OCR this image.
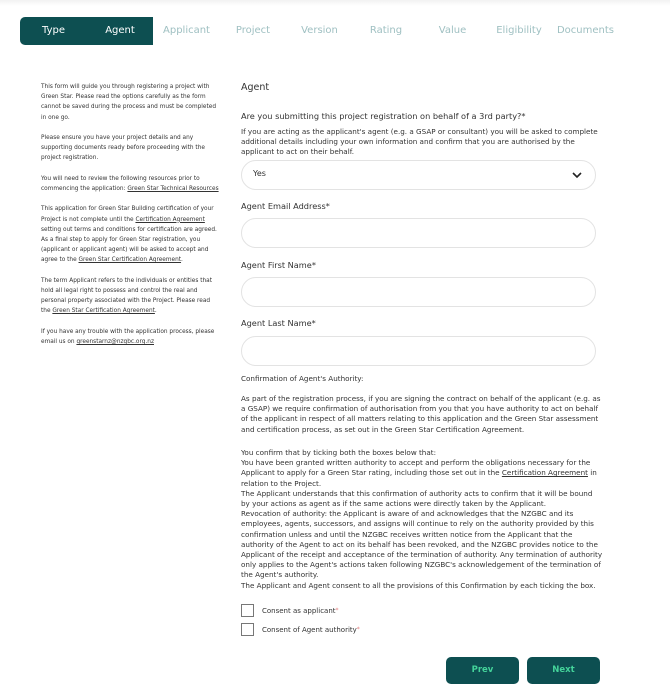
Type	Agent	Applicant	Project	Version	Rating	Value	Eligibility	Documents

This form will guide you through registering a project with Green Star. Please read the options carefully as the form cannot be saved during the process and must be completed in one go.

Please ensure you have your project details and any supporting documents ready before proceeding with the project registration.

You will need to review the following resources prior to commencing the application: Green Star Technical Resources

This application for Green Star Building certification of your Project is not complete until the Certification Agreement setting out terms and conditions for certification are agreed. As a final step to apply for Green Star registration, you (applicant or applicant agent) will be asked to accept and agree to the Green Star Certification Agreement.

The term Applicant refers to the individuals or entities that hold all legal right to possess and control the real and personal property associated with the Project. Please read the Green Star Certification Agreement.

If you have any trouble with the application process, please email us on greenstarnz@nzgbc.org.nz

Agent
Are you submitting this project registration on behalf of a 3rd party?*
If you are acting as the applicant's agent (e.g. a GSAP or consultant) you will be asked to complete additional details including your own information and confirm that you are authorised by the applicant to act on their behalf.
Yes
Agent Email Address*
Agent First Name*
Agent Last Name*
Confirmation of Agent's Authority:
As part of the registration process, if you are signing the contract on behalf of the applicant (e.g. as a GSAP) we require confirmation of authorisation from you that you have authority to act on behalf of the applicant in respect of all matters relating to this application and the Green Star assessment and certification process, as set out in the Green Star Certification Agreement.
You confirm that by ticking both the boxes below that:
You have been granted written authority to accept and perform the obligations necessary for the Applicant to apply for a Green Star rating, including those set out in the Certification Agreement in relation to the Project.
The Applicant understands that this confirmation of authority acts to confirm that it will be bound by your actions as agent as if the same actions were directly taken by the Applicant.
Revocation of authority: the Applicant is aware of and acknowledges that the NZGBC and its employees, agents, successors, and assigns will continue to rely on the authority provided by this confirmation unless and until the NZGBC receives written notice from the Applicant that the authority of the Agent to act on its behalf has been revoked, and the NZGBC provides notice to the Applicant of the receipt and acceptance of the termination of authority. Any termination of authority only applies to the Agent's actions taken following NZGBC's acknowledgement of the termination of the Agent's authority.
The Applicant and Agent consent to all the provisions of this Confirmation by each ticking the box.
Consent as applicant*
Consent of Agent authority*
Prev	Next
